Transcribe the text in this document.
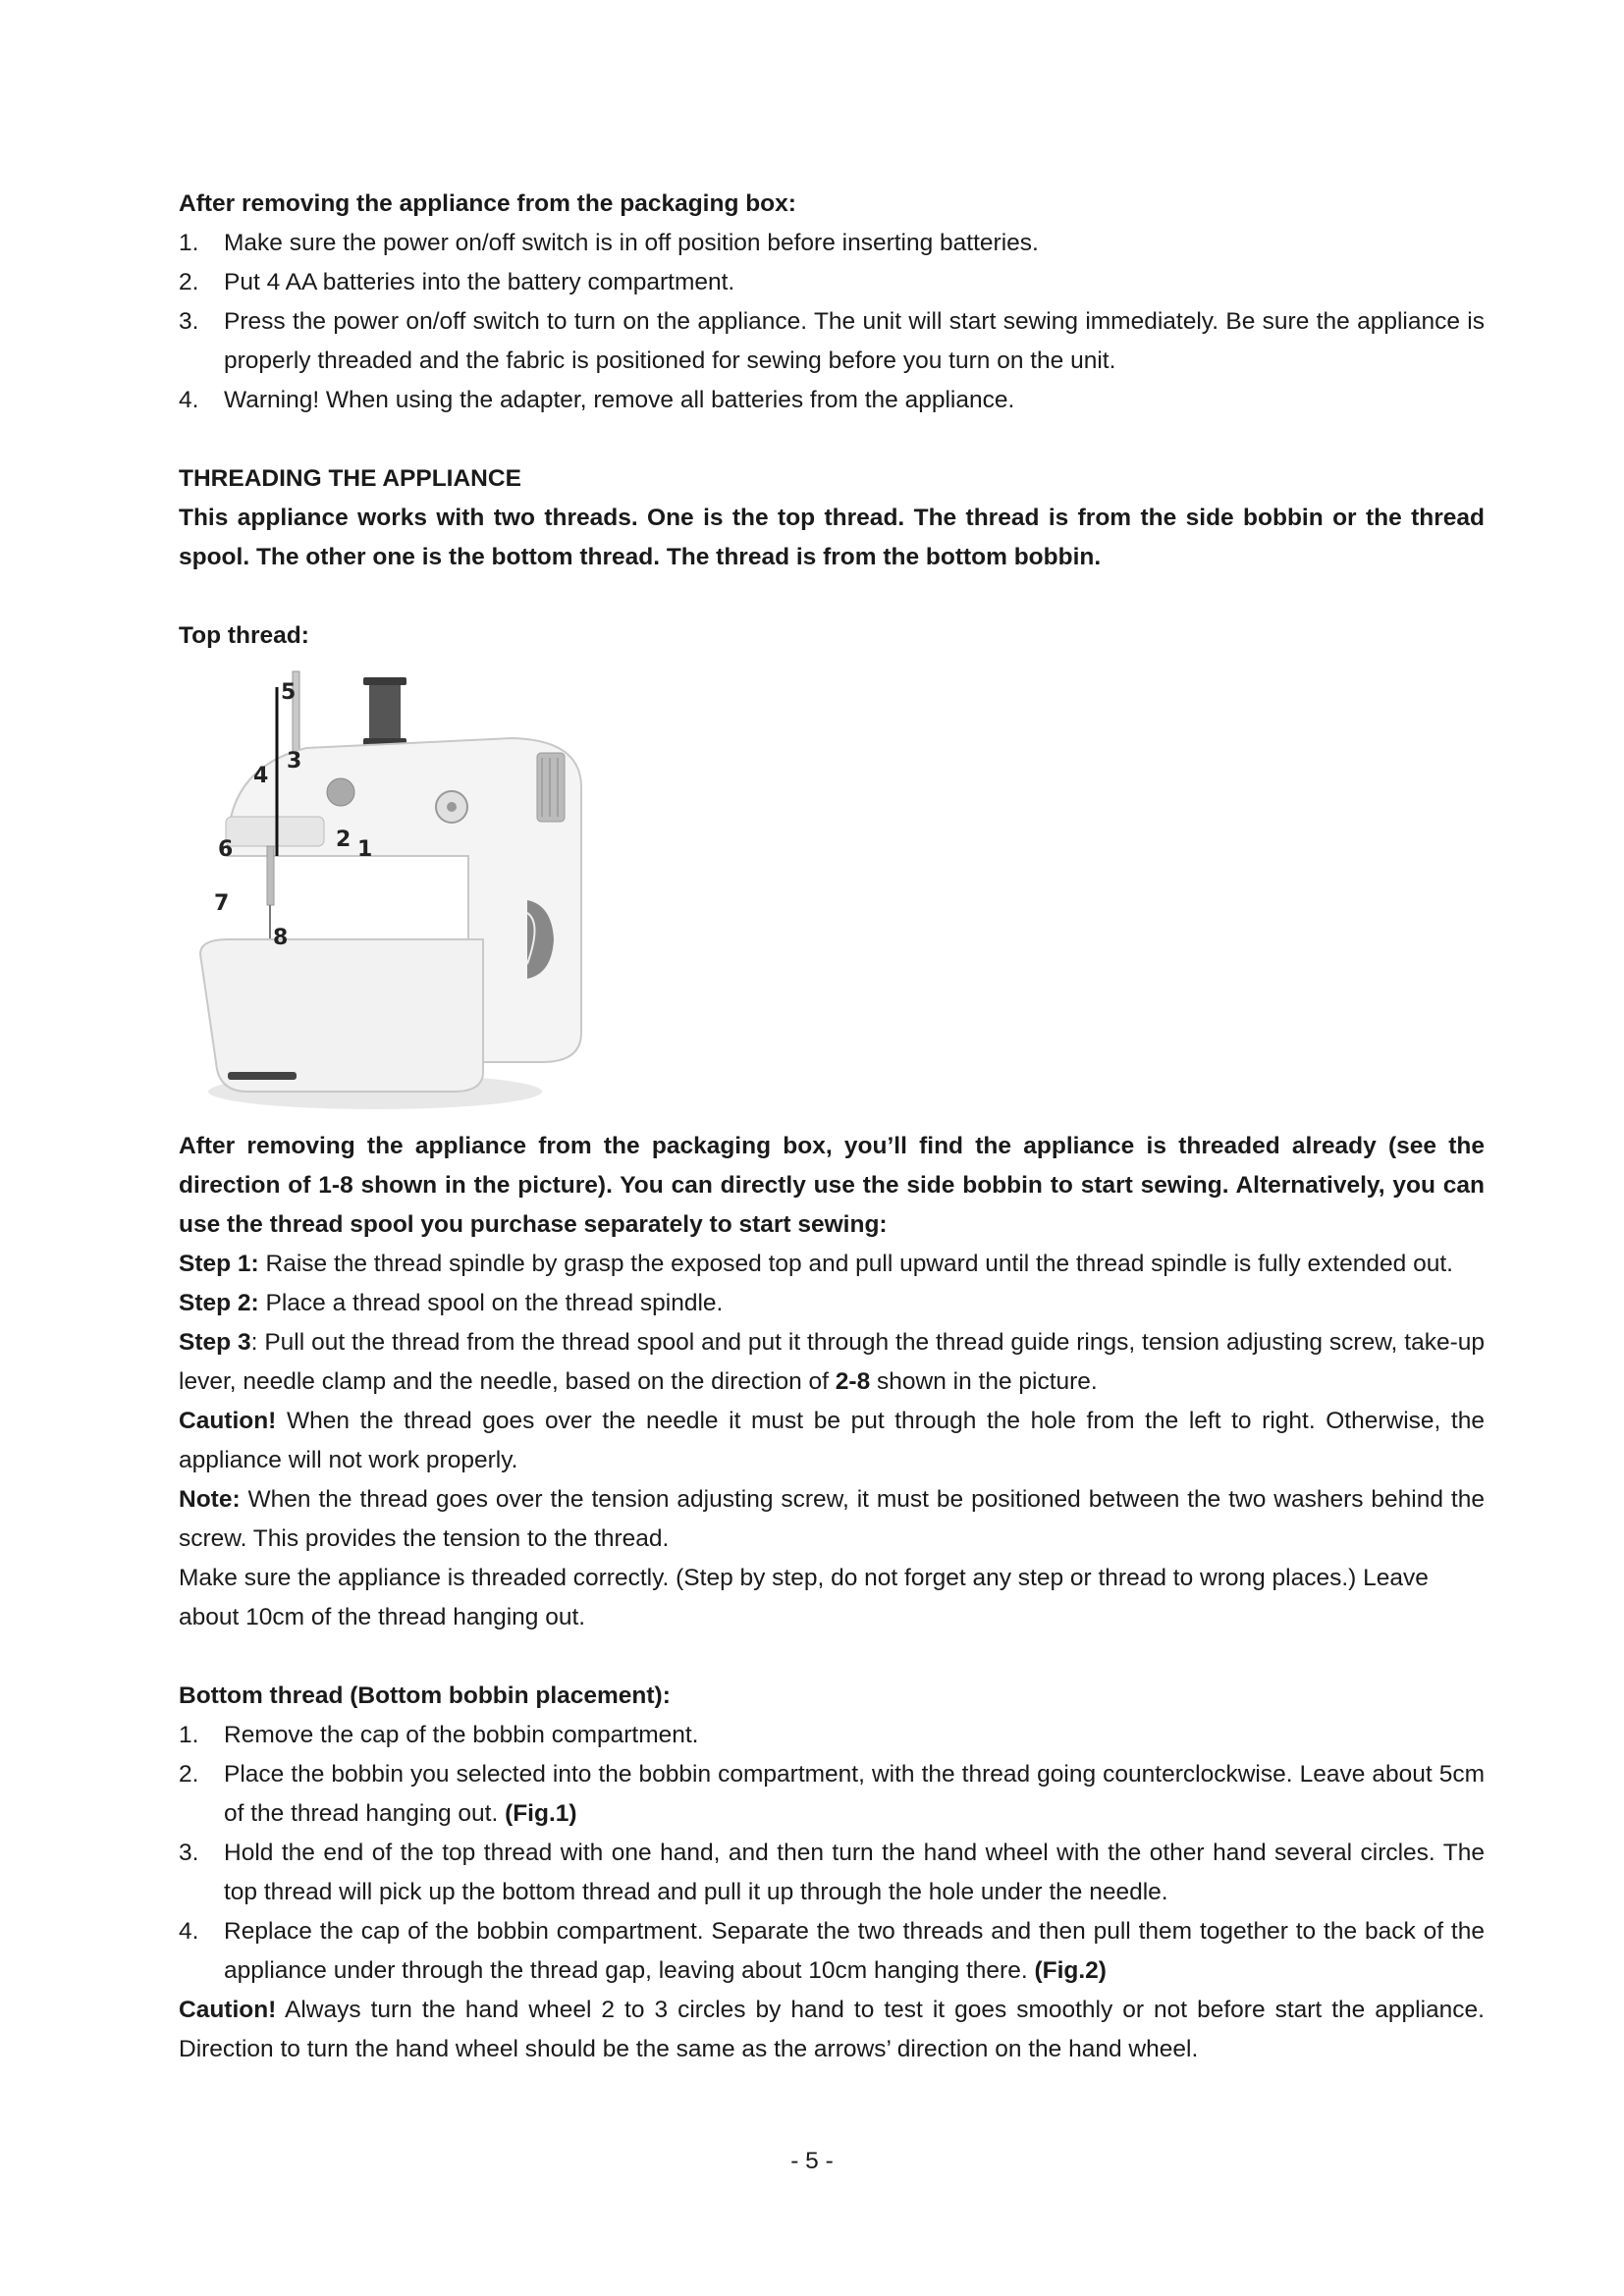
After removing the appliance from the packaging box:

1. Make sure the power on/off switch is in off position before inserting batteries.
2. Put 4 AA batteries into the battery compartment.
3. Press the power on/off switch to turn on the appliance. The unit will start sewing immediately. Be sure the appliance is properly threaded and the fabric is positioned for sewing before you turn on the unit.
4. Warning! When using the adapter, remove all batteries from the appliance.

THREADING THE APPLIANCE

This appliance works with two threads. One is the top thread. The thread is from the side bobbin or the thread spool. The other one is the bottom thread. The thread is from the bottom bobbin.

Top thread:

5
3
4
6	2 1
7
8

After removing the appliance from the packaging box, you’ll find the appliance is threaded already (see the direction of 1-8 shown in the picture). You can directly use the side bobbin to start sewing. Alternatively, you can use the thread spool you purchase separately to start sewing:

Step 1: Raise the thread spindle by grasp the exposed top and pull upward until the thread spindle is fully extended out.

Step 2: Place a thread spool on the thread spindle.

Step 3: Pull out the thread from the thread spool and put it through the thread guide rings, tension adjusting screw, take-up lever, needle clamp and the needle, based on the direction of 2-8 shown in the picture.

Caution! When the thread goes over the needle it must be put through the hole from the left to right. Otherwise, the appliance will not work properly.

Note: When the thread goes over the tension adjusting screw, it must be positioned between the two washers behind the screw. This provides the tension to the thread.

Make sure the appliance is threaded correctly. (Step by step, do not forget any step or thread to wrong places.) Leave about 10cm of the thread hanging out.

Bottom thread (Bottom bobbin placement):

1. Remove the cap of the bobbin compartment.
2. Place the bobbin you selected into the bobbin compartment, with the thread going counterclockwise. Leave about 5cm of the thread hanging out. (Fig.1)
3. Hold the end of the top thread with one hand, and then turn the hand wheel with the other hand several circles. The top thread will pick up the bottom thread and pull it up through the hole under the needle.
4. Replace the cap of the bobbin compartment. Separate the two threads and then pull them together to the back of the appliance under through the thread gap, leaving about 10cm hanging there. (Fig.2)

Caution! Always turn the hand wheel 2 to 3 circles by hand to test it goes smoothly or not before start the appliance. Direction to turn the hand wheel should be the same as the arrows’ direction on the hand wheel.

- 5 -
